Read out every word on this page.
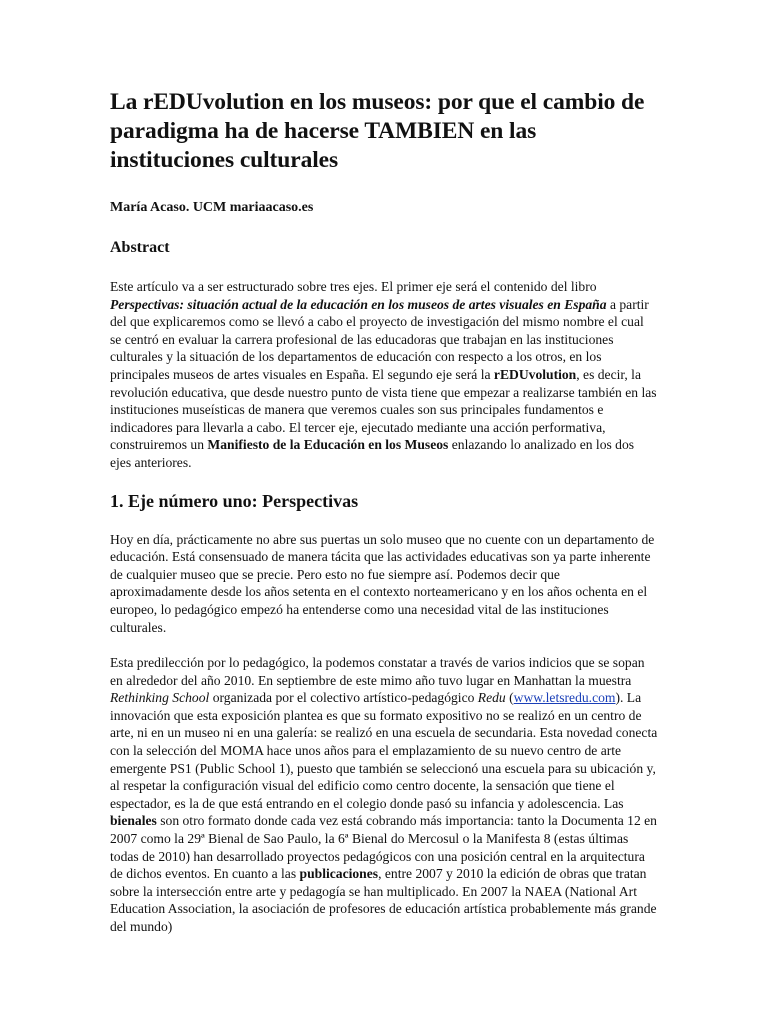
La rEDUvolution en los museos: por que el cambio de paradigma ha de hacerse TAMBIEN en las instituciones culturales

María Acaso. UCM mariaacaso.es

Abstract

Este artículo va a ser estructurado sobre tres ejes. El primer eje será el contenido del libro Perspectivas: situación actual de la educación en los museos de artes visuales en España a partir del que explicaremos como se llevó a cabo el proyecto de investigación del mismo nombre el cual se centró en evaluar la carrera profesional de las educadoras que trabajan en las instituciones culturales y la situación de los departamentos de educación con respecto a los otros, en los principales museos de artes visuales en España. El segundo eje será la rEDUvolution, es decir, la revolución educativa, que desde nuestro punto de vista tiene que empezar a realizarse también en las instituciones museísticas de manera que veremos cuales son sus principales fundamentos e indicadores para llevarla a cabo. El tercer eje, ejecutado mediante una acción performativa, construiremos un Manifiesto de la Educación en los Museos enlazando lo analizado en los dos ejes anteriores.

1. Eje número uno: Perspectivas

Hoy en día, prácticamente no abre sus puertas un solo museo que no cuente con un departamento de educación. Está consensuado de manera tácita que las actividades educativas son ya parte inherente de cualquier museo que se precie. Pero esto no fue siempre así. Podemos decir que aproximadamente desde los años setenta en el contexto norteamericano y en los años ochenta en el europeo, lo pedagógico empezó ha entenderse como una necesidad vital de las instituciones culturales.

Esta predilección por lo pedagógico, la podemos constatar a través de varios indicios que se sopan en alrededor del año 2010. En septiembre de este mimo año tuvo lugar en Manhattan la muestra Rethinking School organizada por el colectivo artístico-pedagógico Redu (www.letsredu.com). La innovación que esta exposición plantea es que su formato expositivo no se realizó en un centro de arte, ni en un museo ni en una galería: se realizó en una escuela de secundaria. Esta novedad conecta con la selección del MOMA hace unos años para el emplazamiento de su nuevo centro de arte emergente PS1 (Public School 1), puesto que también se seleccionó una escuela para su ubicación y, al respetar la configuración visual del edificio como centro docente, la sensación que tiene el espectador, es la de que está entrando en el colegio donde pasó su infancia y adolescencia. Las bienales son otro formato donde cada vez está cobrando más importancia: tanto la Documenta 12 en 2007 como la 29ª Bienal de Sao Paulo, la 6ª Bienal do Mercosul o la Manifesta 8 (estas últimas todas de 2010) han desarrollado proyectos pedagógicos con una posición central en la arquitectura de dichos eventos. En cuanto a las publicaciones, entre 2007 y 2010 la edición de obras que tratan sobre la intersección entre arte y pedagogía se han multiplicado. En 2007 la NAEA (National Art Education Association, la asociación de profesores de educación artística probablemente más grande del mundo)
